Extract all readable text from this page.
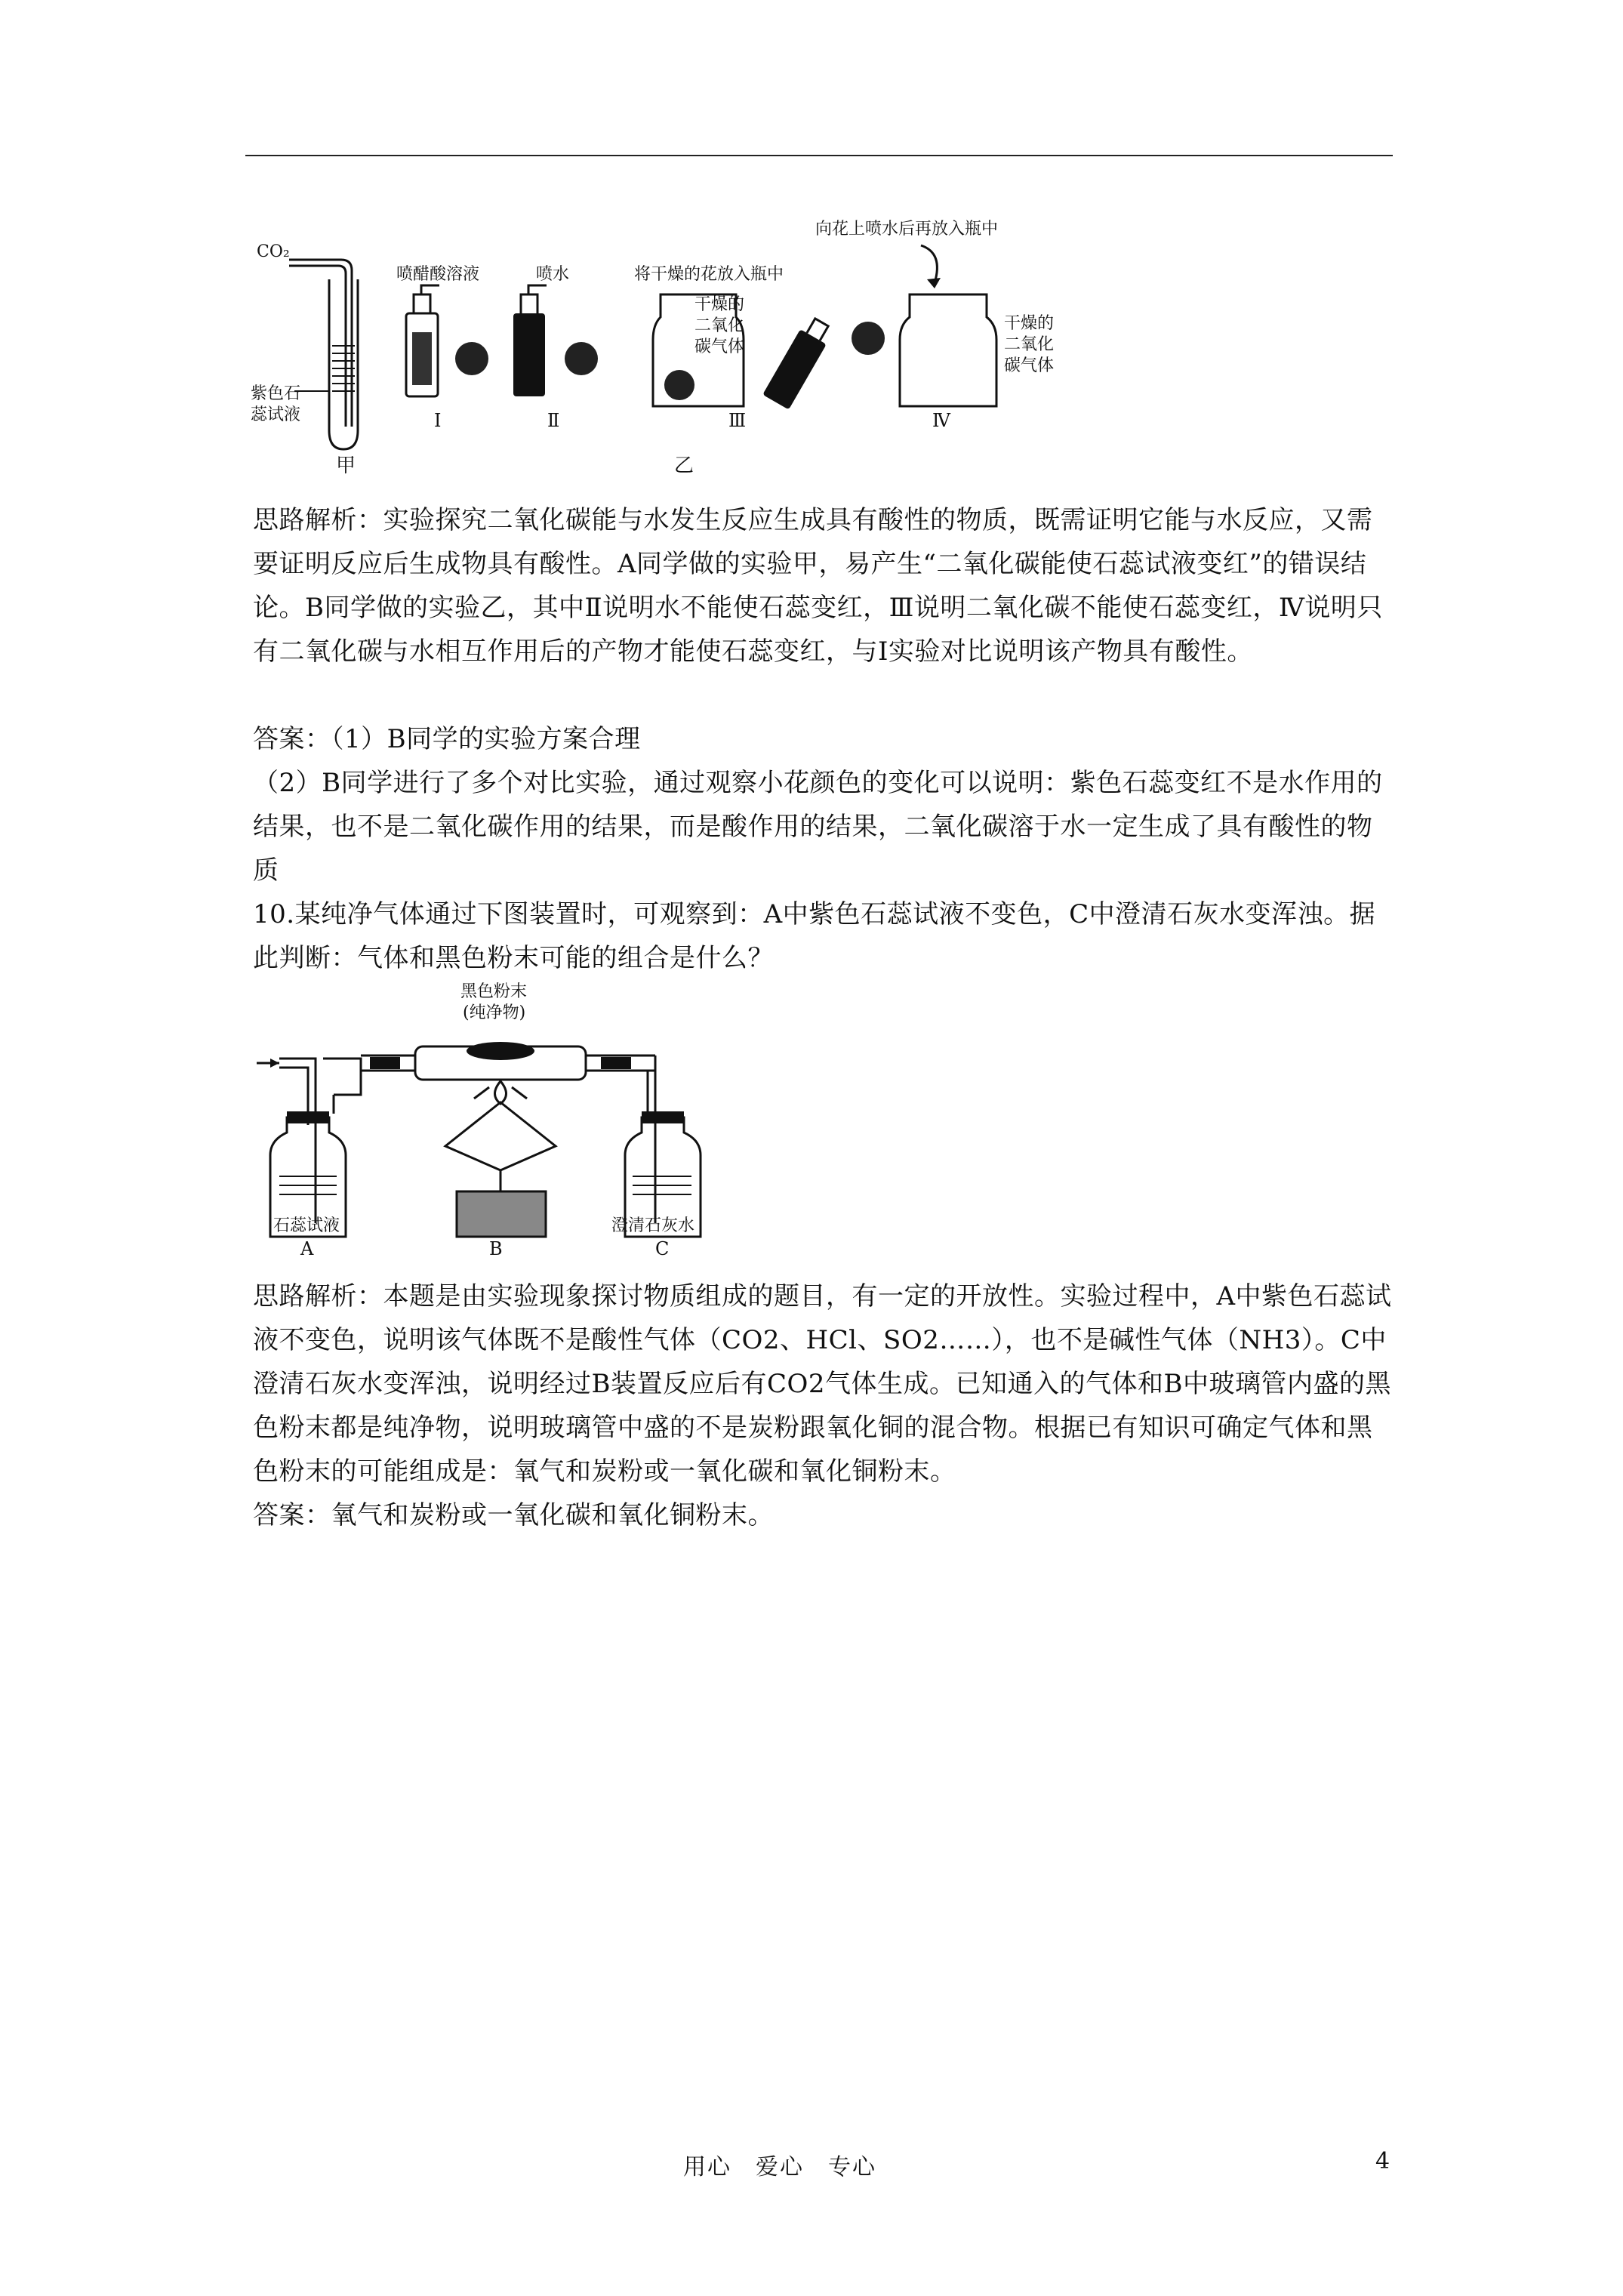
CO₂
紫色石
蕊试液
甲
喷醋酸溶液
Ⅰ
喷水
Ⅱ
将干燥的花放入瓶中
干燥的
二氧化
碳气体
Ⅲ
向花上喷水后再放入瓶中
干燥的
二氧化
碳气体
Ⅳ
乙

思路解析：实验探究二氧化碳能与水发生反应生成具有酸性的物质，既需证明它能与水反应，又需要证明反应后生成物具有酸性。A同学做的实验甲，易产生“二氧化碳能使石蕊试液变红”的错误结论。B同学做的实验乙，其中Ⅱ说明水不能使石蕊变红，Ⅲ说明二氧化碳不能使石蕊变红，Ⅳ说明只有二氧化碳与水相互作用后的产物才能使石蕊变红，与Ⅰ实验对比说明该产物具有酸性。

答案：（1）B同学的实验方案合理

（2）B同学进行了多个对比实验，通过观察小花颜色的变化可以说明：紫色石蕊变红不是水作用的结果，也不是二氧化碳作用的结果，而是酸作用的结果，二氧化碳溶于水一定生成了具有酸性的物质

10.某纯净气体通过下图装置时，可观察到：A中紫色石蕊试液不变色，C中澄清石灰水变浑浊。据此判断：气体和黑色粉末可能的组合是什么？

黑色粉末
(纯净物)
石蕊试液	澄清石灰水
A	B	C

思路解析：本题是由实验现象探讨物质组成的题目，有一定的开放性。实验过程中，A中紫色石蕊试液不变色，说明该气体既不是酸性气体（CO2、HCl、SO2……），也不是碱性气体（NH3）。C中澄清石灰水变浑浊，说明经过B装置反应后有CO2气体生成。已知通入的气体和B中玻璃管内盛的黑色粉末都是纯净物，说明玻璃管中盛的不是炭粉跟氧化铜的混合物。根据已有知识可确定气体和黑色粉末的可能组成是：氧气和炭粉或一氧化碳和氧化铜粉末。

答案：氧气和炭粉或一氧化碳和氧化铜粉末。

用心　爱心　专心	4
